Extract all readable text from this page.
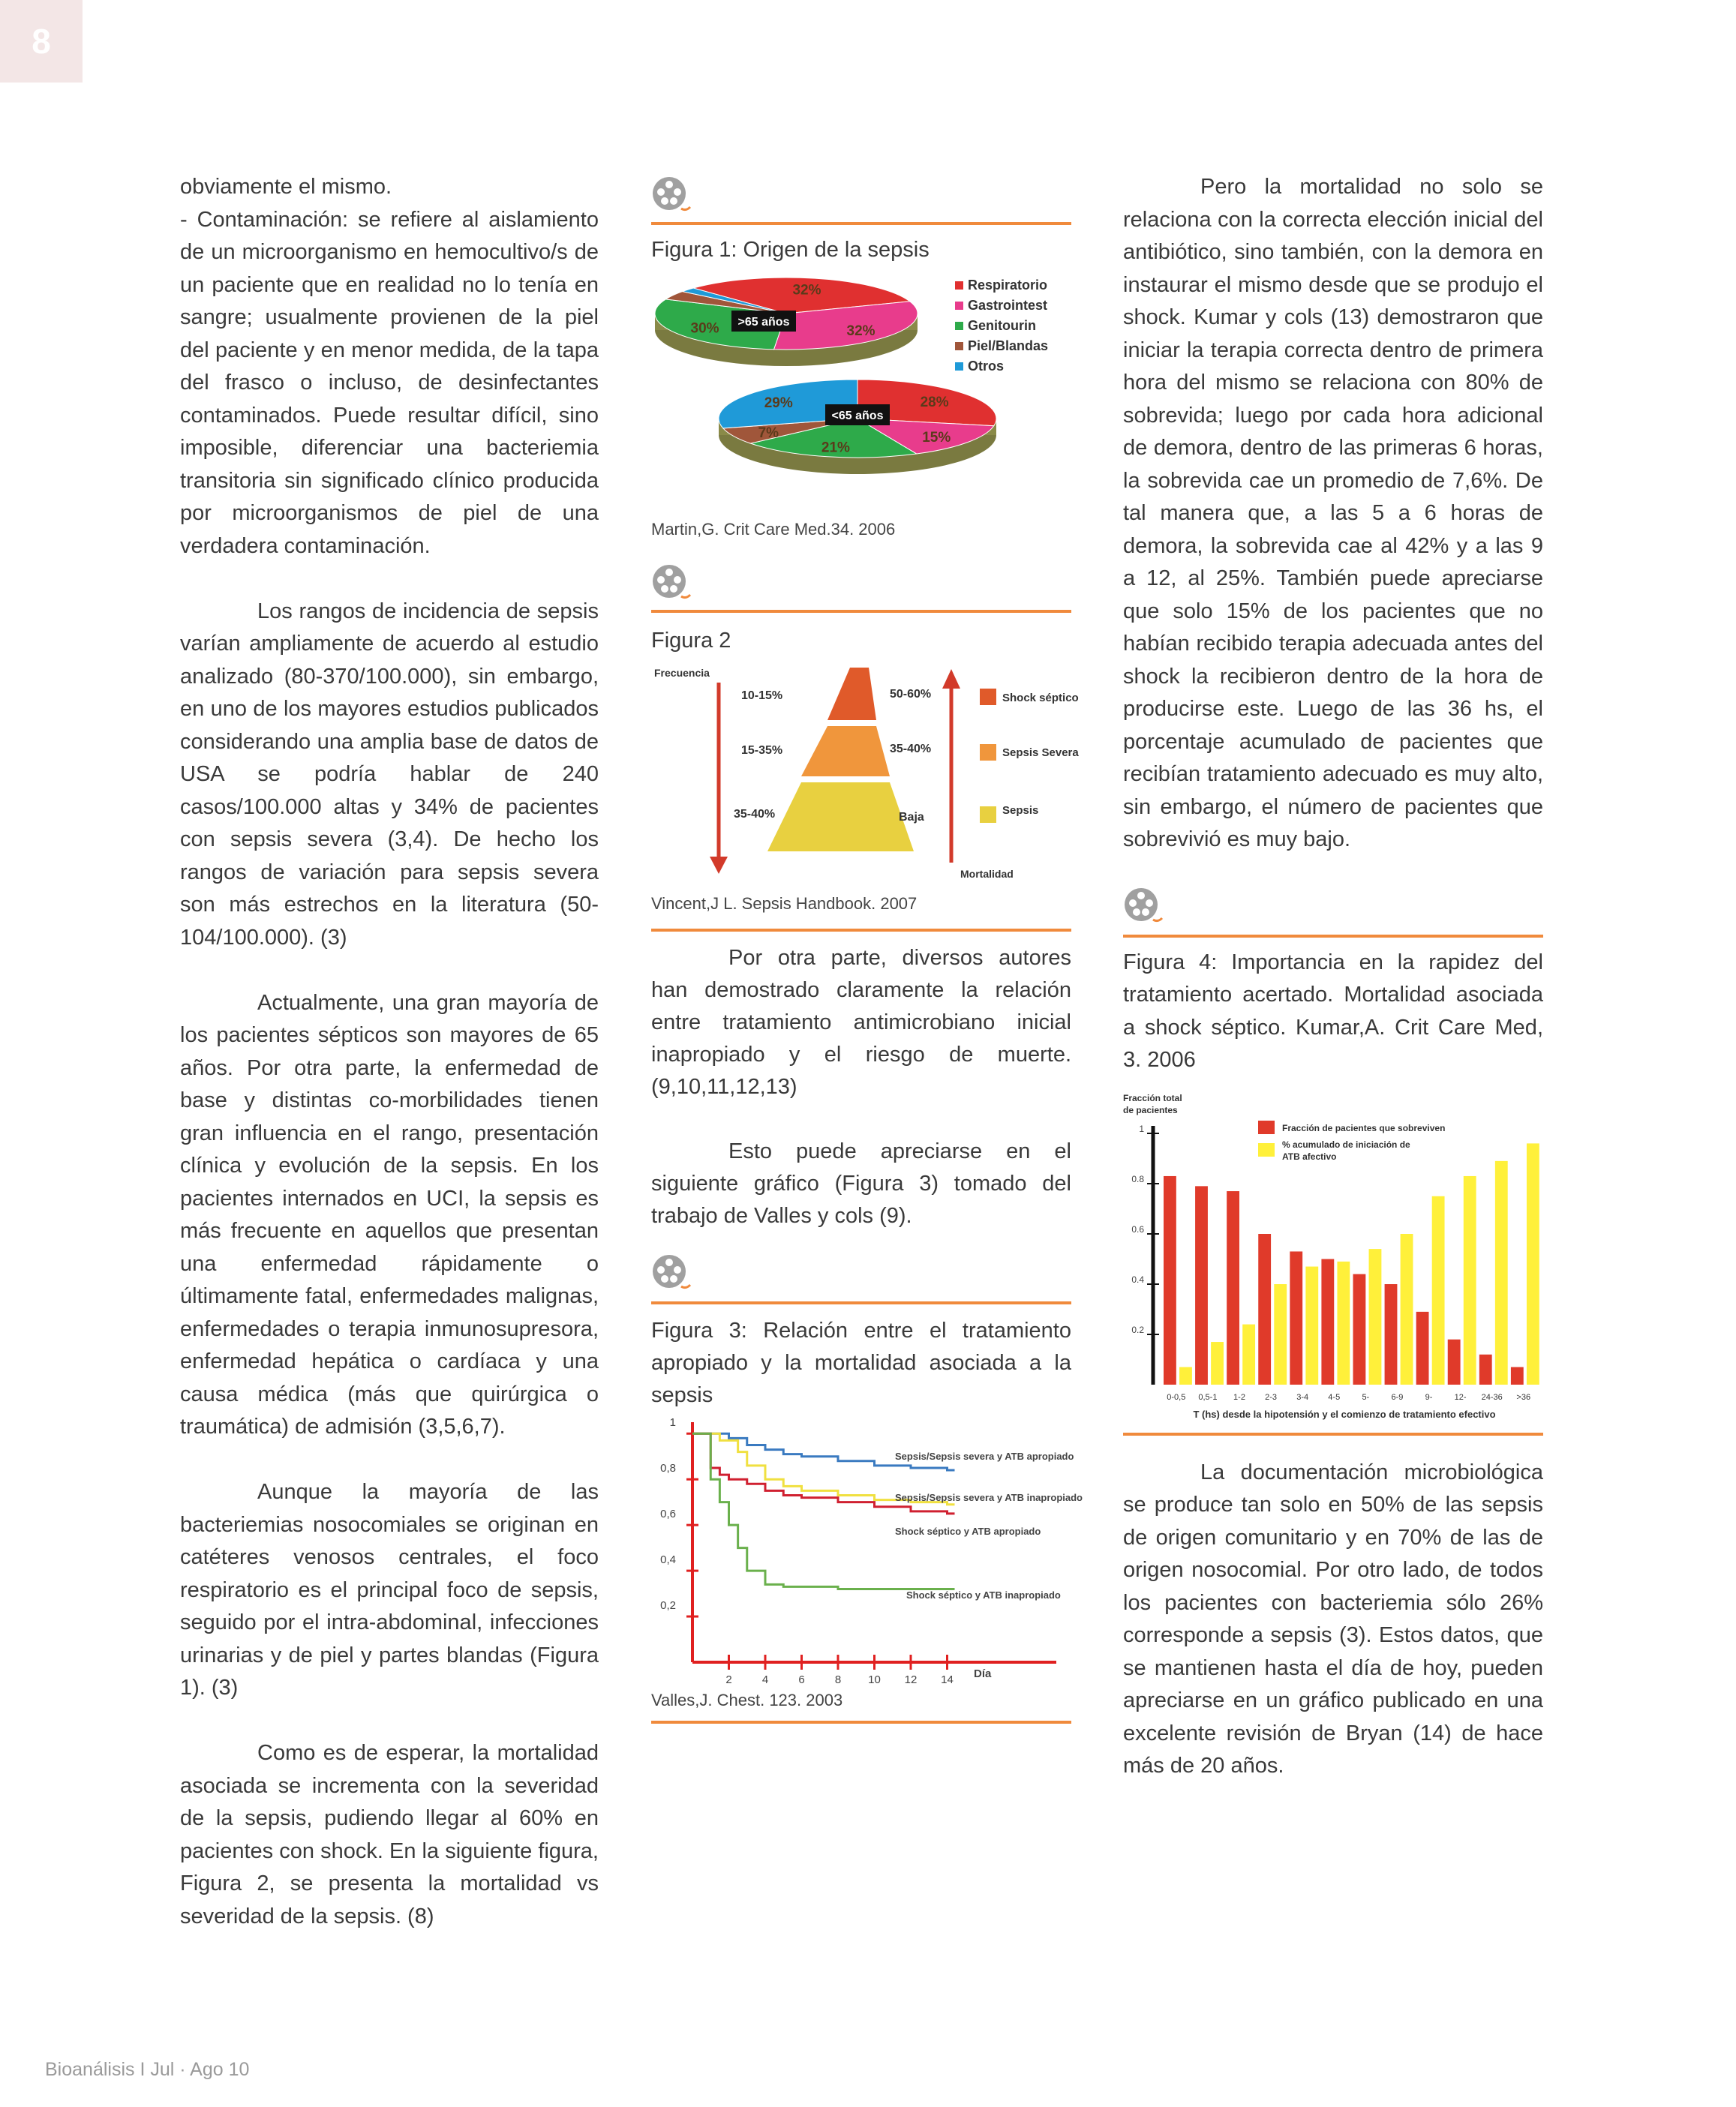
8

obviamente el mismo.

- Contaminación: se refiere al aislamiento de un microorganismo en hemocultivo/s de un paciente que en realidad no lo tenía en sangre; usualmente provienen de la piel del paciente y en menor medida, de la tapa del frasco o incluso, de desinfectantes contaminados. Puede resultar difícil, sino imposible, diferenciar una bacteriemia transitoria sin significado clínico producida por microorganismos de piel de una verdadera contaminación.

Los rangos de incidencia de sepsis varían ampliamente de acuerdo al estudio analizado (80-370/100.000), sin embargo, en uno de los mayores estudios publicados considerando una amplia base de datos de USA se podría hablar de 240 casos/100.000 altas y 34% de pacientes con sepsis severa (3,4). De hecho los rangos de variación para sepsis severa son más estrechos en la literatura (50-104/100.000). (3)

Actualmente, una gran mayoría de los pacientes sépticos son mayores de 65 años. Por otra parte, la enfermedad de base y distintas co-morbilidades tienen gran influencia en el rango, presentación clínica y evolución de la sepsis. En los pacientes internados en UCI, la sepsis es más frecuente en aquellos que presentan una enfermedad rápidamente o últimamente fatal, enfermedades malignas, enfermedades o terapia inmunosupresora, enfermedad hepática o cardíaca y una causa médica (más que quirúrgica o traumática) de admisión (3,5,6,7).

Aunque la mayoría de las bacteriemias nosocomiales se originan en catéteres venosos centrales, el foco respiratorio es el principal foco de sepsis, seguido por el intra-abdominal, infecciones urinarias y de piel y partes blandas (Figura 1). (3)

Como es de esperar, la mortalidad asociada se incrementa con la severidad de la sepsis, pudiendo llegar al 60% en pacientes con shock. En la siguiente figura, Figura 2, se presenta la mortalidad vs severidad de la sepsis. (8)

Figura 1: Origen de la sepsis
32%
32%
30% >65 años
28%
15%
21%
7%
29%
<65 años
Respiratorio
Gastrointest
Genitourin
Piel/Blandas
Otros
Martin,G. Crit Care Med.34. 2006
Figura 2
Frecuencia
Mortalidad
10-15%	50-60%	Shock séptico
15-35%	35-40%	Sepsis Severa
35-40%	Baja
Sepsis
Vincent,J L. Sepsis Handbook. 2007
Por otra parte, diversos autores han demostrado claramente la relación entre tratamiento antimicrobiano inicial inapropiado y el riesgo de muerte. (9,10,11,12,13)
Esto puede apreciarse en el siguiente gráfico (Figura 3) tomado del trabajo de Valles y cols (9).
Figura 3: Relación entre el tratamiento apropiado y la mortalidad asociada a la sepsis
1
0,8
0,6
0,4
0,2
2	4	6	8 10 12 14 Día
Sepsis/Sepsis severa y ATB apropiado
Sepsis/Sepsis severa y ATB inapropiado
Shock séptico y ATB apropiado
Shock séptico y ATB inapropiado
Valles,J. Chest. 123. 2003

Pero la mortalidad no solo se relaciona con la correcta elección inicial del antibiótico, sino también, con la demora en instaurar el mismo desde que se produjo el shock. Kumar y cols (13) demostraron que iniciar la terapia correcta dentro de primera hora del mismo se relaciona con 80% de sobrevida; luego por cada hora adicional de demora, dentro de las primeras 6 horas, la sobrevida cae un promedio de 7,6%. De tal manera que, a las 5 a 6 horas de demora, la sobrevida cae al 42% y a las 9 a 12, al 25%. También puede apreciarse que solo 15% de los pacientes que no habían recibido terapia adecuada antes del shock la recibieron dentro de la hora de producirse este. Luego de las 36 hs, el porcentaje acumulado de pacientes que recibían tratamiento adecuado es muy alto, sin embargo, el número de pacientes que sobrevivió es muy bajo.

Figura 4: Importancia en la rapidez del tratamiento acertado. Mortalidad asociada a shock séptico. Kumar,A. Crit Care Med, 3. 2006

Fracción total
de pacientes
1
0.8
0.6
0.4
0.2
Fracción de pacientes que sobreviven
% acumulado de iniciación de
ATB afectivo
0-0,5 0,5-1 1-2 2-3 3-4 4-5	5-	6-9	9-	12- 24-36 >36
T (hs) desde la hipotensión y el comienzo de tratamiento efectivo

La documentación microbiológica se produce tan solo en 50% de las sepsis de origen comunitario y en 70% de las de origen nosocomial. Por otro lado, de todos los pacientes con bacteriemia sólo 26% corresponde a sepsis (3). Estos datos, que se mantienen hasta el día de hoy, pueden apreciarse en un gráfico publicado en una excelente revisión de Bryan (14) de hace más de 20 años.

Bioanálisis I Jul · Ago 10
